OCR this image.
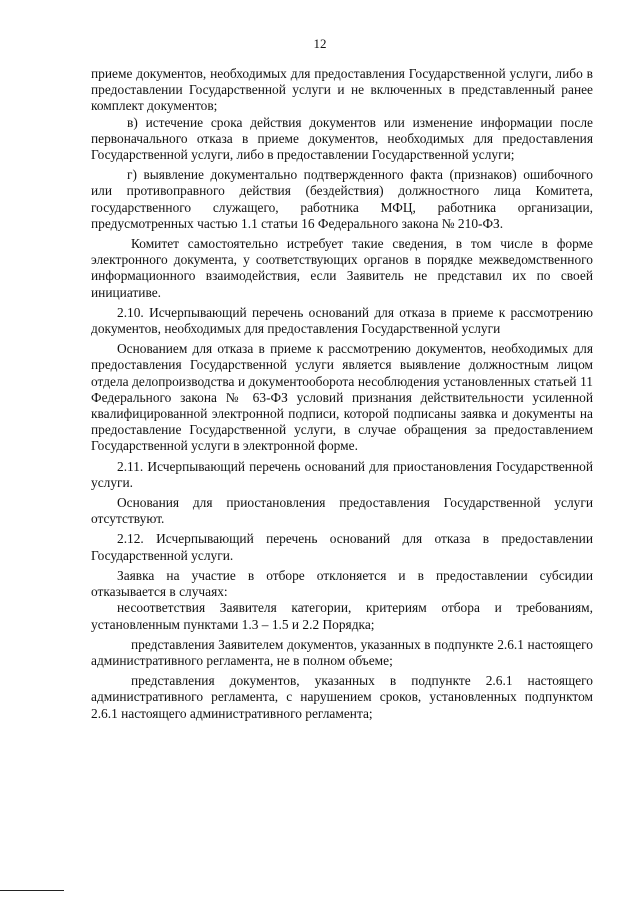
12

приеме документов, необходимых для предоставления Государственной услуги, либо в предоставлении Государственной услуги и не включенных в представленный ранее комплект документов;

в) истечение срока действия документов или изменение информации после первоначального отказа в приеме документов, необходимых для предоставления Государственной услуги, либо в предоставлении Государственной услуги;

г) выявление документально подтвержденного факта (признаков) ошибочного или противоправного действия (бездействия) должностного лица Комитета, государственного служащего, работника МФЦ, работника организации, предусмотренных частью 1.1 статьи 16 Федерального закона № 210-ФЗ.

Комитет самостоятельно истребует такие сведения, в том числе в форме электронного документа, у соответствующих органов в порядке межведомственного информационного взаимодействия, если Заявитель не представил их по своей инициативе.

2.10. Исчерпывающий перечень оснований для отказа в приеме к рассмотрению документов, необходимых для предоставления Государственной услуги

Основанием для отказа в приеме к рассмотрению документов, необходимых для предоставления Государственной услуги является выявление должностным лицом отдела делопроизводства и документооборота несоблюдения установленных статьей 11 Федерального закона № 63-ФЗ условий признания действительности усиленной квалифицированной электронной подписи, которой подписаны заявка и документы на предоставление Государственной услуги, в случае обращения за предоставлением Государственной услуги в электронной форме.

2.11. Исчерпывающий перечень оснований для приостановления Государственной услуги.

Основания для приостановления предоставления Государственной услуги отсутствуют.

2.12. Исчерпывающий перечень оснований для отказа в предоставлении Государственной услуги.

Заявка на участие в отборе отклоняется и в предоставлении субсидии отказывается в случаях:

несоответствия Заявителя категории, критериям отбора и требованиям, установленным пунктами 1.3 – 1.5 и 2.2 Порядка;

представления Заявителем документов, указанных в подпункте 2.6.1 настоящего административного регламента, не в полном объеме;

представления документов, указанных в подпункте 2.6.1 настоящего административного регламента, с нарушением сроков, установленных подпунктом 2.6.1 настоящего административного регламента;
